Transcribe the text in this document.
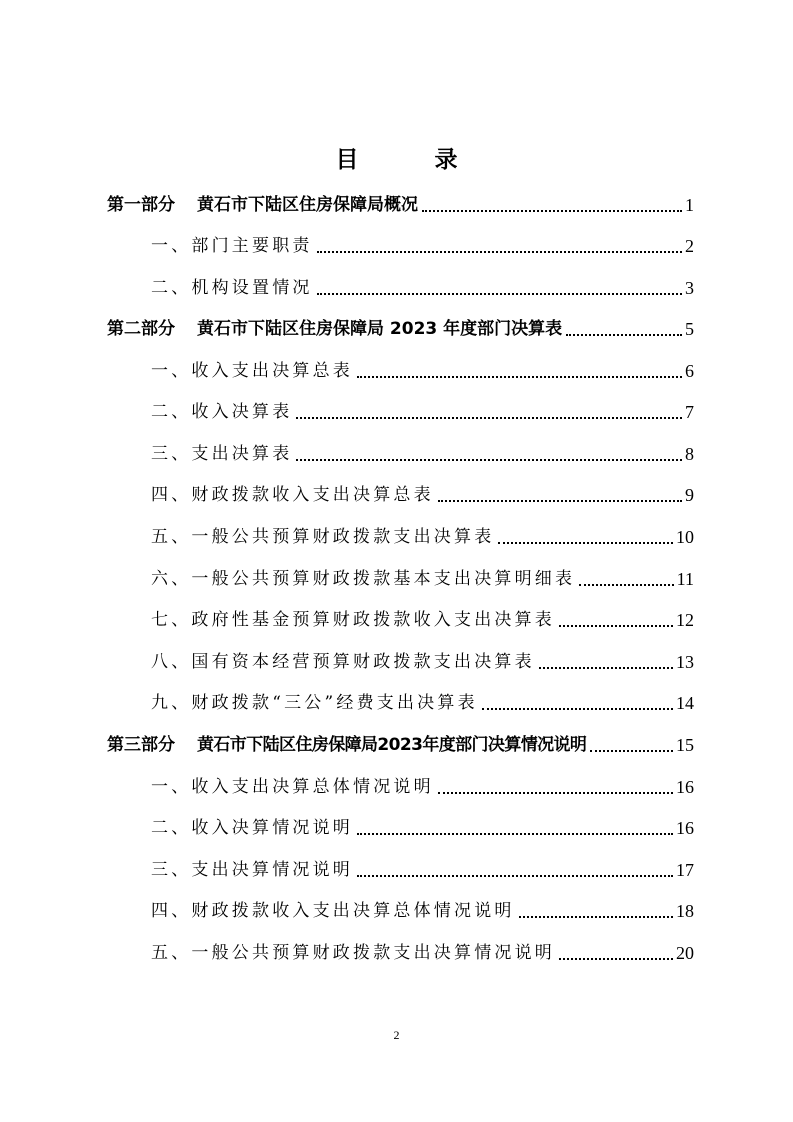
目 录
第一部分 黄石市下陆区住房保障局概况	1
一、部门主要职责	2
二、机构设置情况	3
第二部分 黄石市下陆区住房保障局 2023 年度部门决算表	5
一、收入支出决算总表	6
二、收入决算表	7
三、支出决算表	8
四、财政拨款收入支出决算总表	9
五、一般公共预算财政拨款支出决算表	10
六、一般公共预算财政拨款基本支出决算明细表	11
七、政府性基金预算财政拨款收入支出决算表	12
八、国有资本经营预算财政拨款支出决算表	13
九、财政拨款“三公”经费支出决算表	14
第三部分 黄石市下陆区住房保障局2023年度部门决算情况说明	15
一、收入支出决算总体情况说明	16
二、收入决算情况说明	16
三、支出决算情况说明	17
四、财政拨款收入支出决算总体情况说明	18
五、一般公共预算财政拨款支出决算情况说明	20
2
